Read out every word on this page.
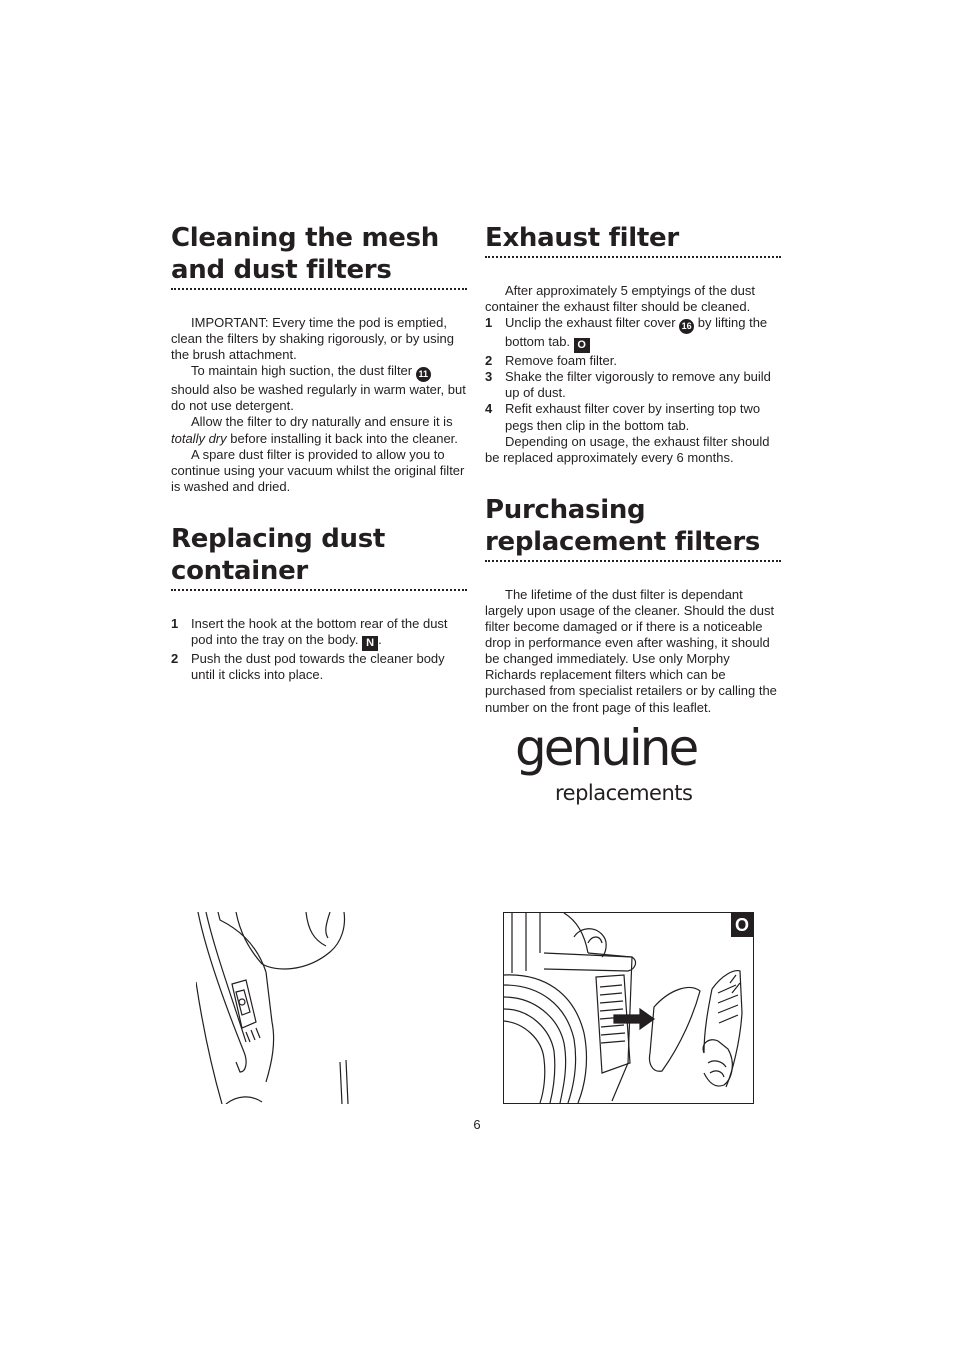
Cleaning the mesh
and dust filters

IMPORTANT: Every time the pod is emptied, clean the filters by shaking rigorously, or by using the brush attachment.

To maintain high suction, the dust filter 11 should also be washed regularly in warm water, but do not use detergent.

Allow the filter to dry naturally and ensure it is totally dry before installing it back into the cleaner.

A spare dust filter is provided to allow you to continue using your vacuum whilst the original filter is washed and dried.

Replacing dust
container
1 Insert the hook at the bottom rear of the dust pod into the tray on the body. N .
2 Push the dust pod towards the cleaner body until it clicks into place.
Exhaust filter

After approximately 5 emptyings of the dust container the exhaust filter should be cleaned.

1 Unclip the exhaust filter cover 16 by lifting the bottom tab. O
2 Remove foam filter.
3 Shake the filter vigorously to remove any build up of dust.
4 Refit exhaust filter cover by inserting top two pegs then clip in the bottom tab.

Depending on usage, the exhaust filter should be replaced approximately every 6 months.

Purchasing
replacement filters

The lifetime of the dust filter is dependant largely upon usage of the cleaner. Should the dust filter become damaged or if there is a noticeable drop in performance even after washing, it should be changed immediately. Use only Morphy Richards replacement filters which can be purchased from specialist retailers or by calling the number on the front page of this leaflet.

genuine
replacements
O
6
